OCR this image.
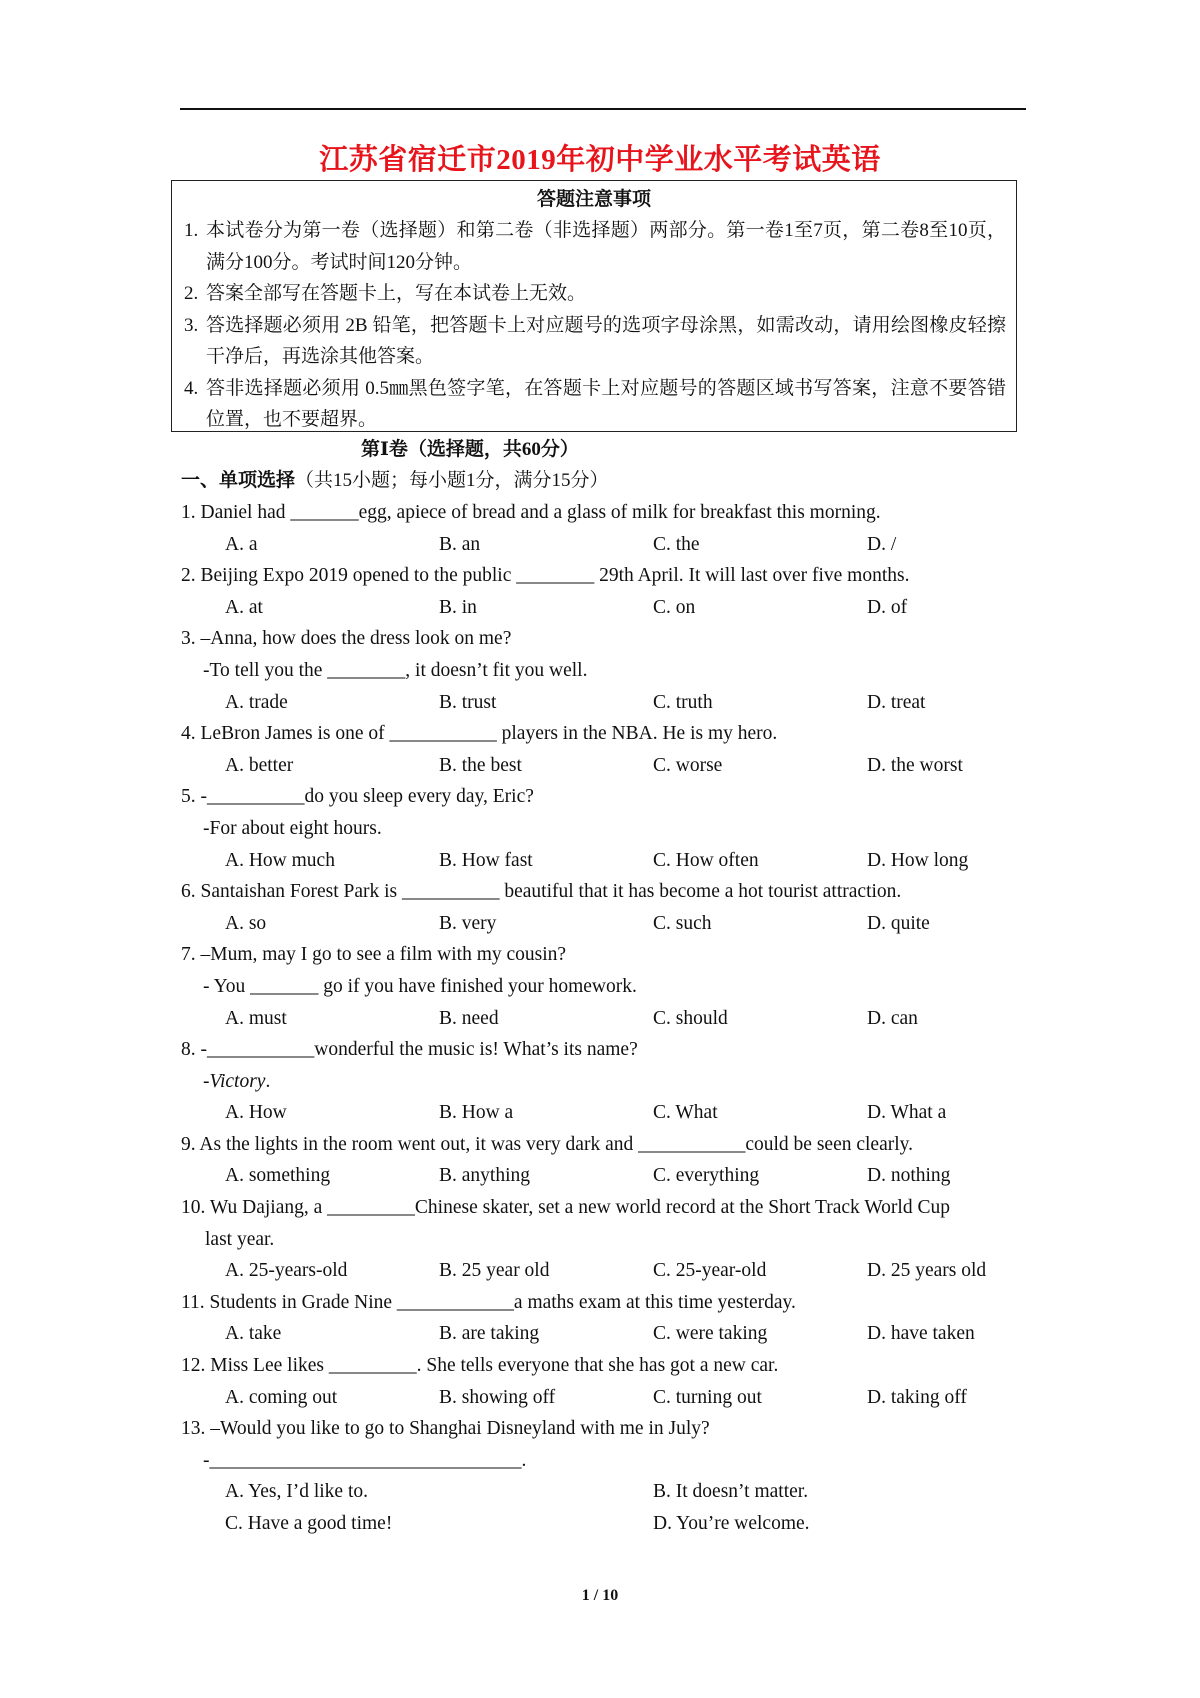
江苏省宿迁市2019年初中学业水平考试英语
答题注意事项
1. 本试卷分为第一卷（选择题）和第二卷（非选择题）两部分。第一卷1至7页，第二卷8至10页，满分100分。考试时间120分钟。
2. 答案全部写在答题卡上，写在本试卷上无效。
3. 答选择题必须用 2B 铅笔，把答题卡上对应题号的选项字母涂黑，如需改动，请用绘图橡皮轻擦干净后，再选涂其他答案。
4. 答非选择题必须用 0.5㎜黑色签字笔，在答题卡上对应题号的答题区域书写答案，注意不要答错位置，也不要超界。
第Ⅰ卷（选择题，共60分）
一、单项选择（共15小题；每小题1分，满分15分）
1. Daniel had _______egg, apiece of bread and a glass of milk for breakfast this morning.
A. a	B. an	C. the	D. /
2. Beijing Expo 2019 opened to the public ________ 29th April. It will last over five months.
A. at	B. in	C. on	D. of
3. –Anna, how does the dress look on me?
-To tell you the ________, it doesn’t fit you well.
A. trade	B. trust	C. truth	D. treat
4. LeBron James is one of ___________ players in the NBA. He is my hero.
A. better	B. the best	C. worse	D. the worst
5. -__________do you sleep every day, Eric?
-For about eight hours.
A. How much	B. How fast	C. How often	D. How long
6. Santaishan Forest Park is __________ beautiful that it has become a hot tourist attraction.
A. so	B. very	C. such	D. quite
7. –Mum, may I go to see a film with my cousin?
- You _______ go if you have finished your homework.
A. must	B. need	C. should	D. can
8. -___________wonderful the music is! What’s its name?
-Victory.
A. How	B. How a	C. What	D. What a
9. As the lights in the room went out, it was very dark and ___________could be seen clearly.
A. something	B. anything	C. everything	D. nothing
10. Wu Dajiang, a _________Chinese skater, set a new world record at the Short Track World Cup
last year.
A. 25-years-old	B. 25 year old	C. 25-year-old	D. 25 years old
11. Students in Grade Nine ____________a maths exam at this time yesterday.
A. take	B. are taking	C. were taking	D. have taken
12. Miss Lee likes _________. She tells everyone that she has got a new car.
A. coming out	B. showing off	C. turning out	D. taking off
13. –Would you like to go to Shanghai Disneyland with me in July?
-________________________________.
A. Yes, I’d like to.	B. It doesn’t matter.
C. Have a good time!	D. You’re welcome.
1 / 10
